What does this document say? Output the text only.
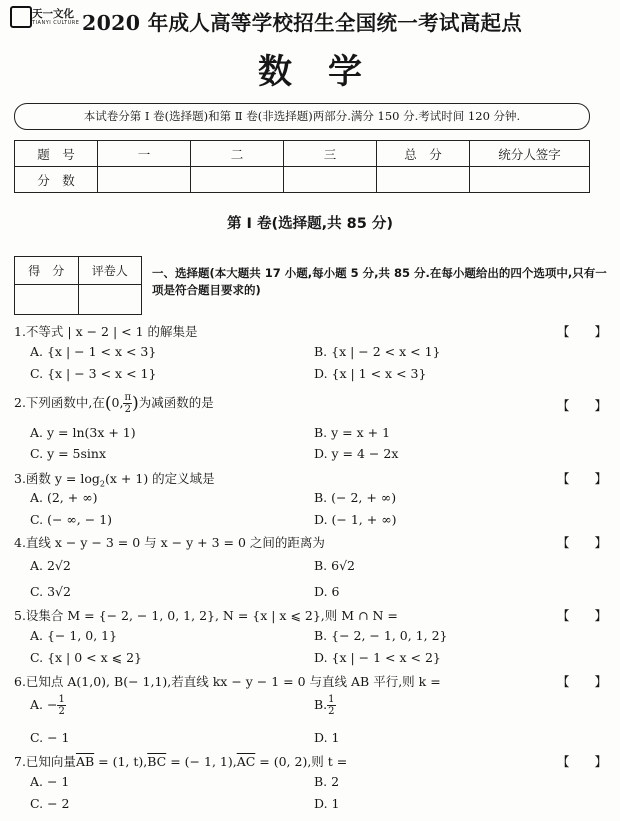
天一文化
TIANYI CULTURE 2020 年成人高等学校招生全国统一考试高起点
数学
本试卷分第 Ⅰ 卷(选择题)和第 Ⅱ 卷(非选择题)两部分.满分 150 分.考试时间 120 分钟.
题　号	一	二	三	总　分	统分人签字
分　数					
第 Ⅰ 卷(选择题,共 85 分)
得　分	评卷人
	一、选择题(本大题共 17 小题,每小题 5 分,共 85 分.在每小题给出的四个选项中,只有一项是符合题目要求的)
1.不等式 | x − 2 | < 1 的解集是	【　　】
A. {x | − 1 < x < 3}	B. {x | − 2 < x < 1}
C. {x | − 3 < x < 1}	D. {x | 1 < x < 3}
2.下列函数中,在(0, $\frac{\pi}{2}$ )为减函数的是	【　　】
A. y = ln(3x + 1)	B. y = x + 1
C. y = 5sinx	D. y = 4 − 2x
3.函数 $y = \log_2(x + 1)$ 的定义域是	【　　】
A. (2, + ∞)	B. (− 2, + ∞)
C. (− ∞, − 1)	D. (− 1, + ∞)
4.直线 x − y − 3 = 0 与 x − y + 3 = 0 之间的距离为	【　　】
A. 2√2	B. 6√2
C. 3√2	D. 6
5.设集合 M = {− 2, − 1, 0, 1, 2}, N = {x | x ⩽ 2},则 M ∩ N =	【　　】
A. {− 1, 0, 1}	B. {− 2, − 1, 0, 1, 2}
C. {x | 0 < x ⩽ 2}	D. {x | − 1 < x < 2}
6.已知点 A(1,0), B(− 1,1),若直线 kx − y − 1 = 0 与直线 AB 平行,则 k =	【　　】
A. − $\frac{1}{2}$	B. $\frac{1}{2}$
C. − 1	D. 1
7.已知向量$\overline{AB} = (1$, $t),\overline{BC}$ = (− 1, $1),\overline{AC} = (0$, 2),则 t =	【　　】
A. − 1	B. 2
C. − 2	D. 1
